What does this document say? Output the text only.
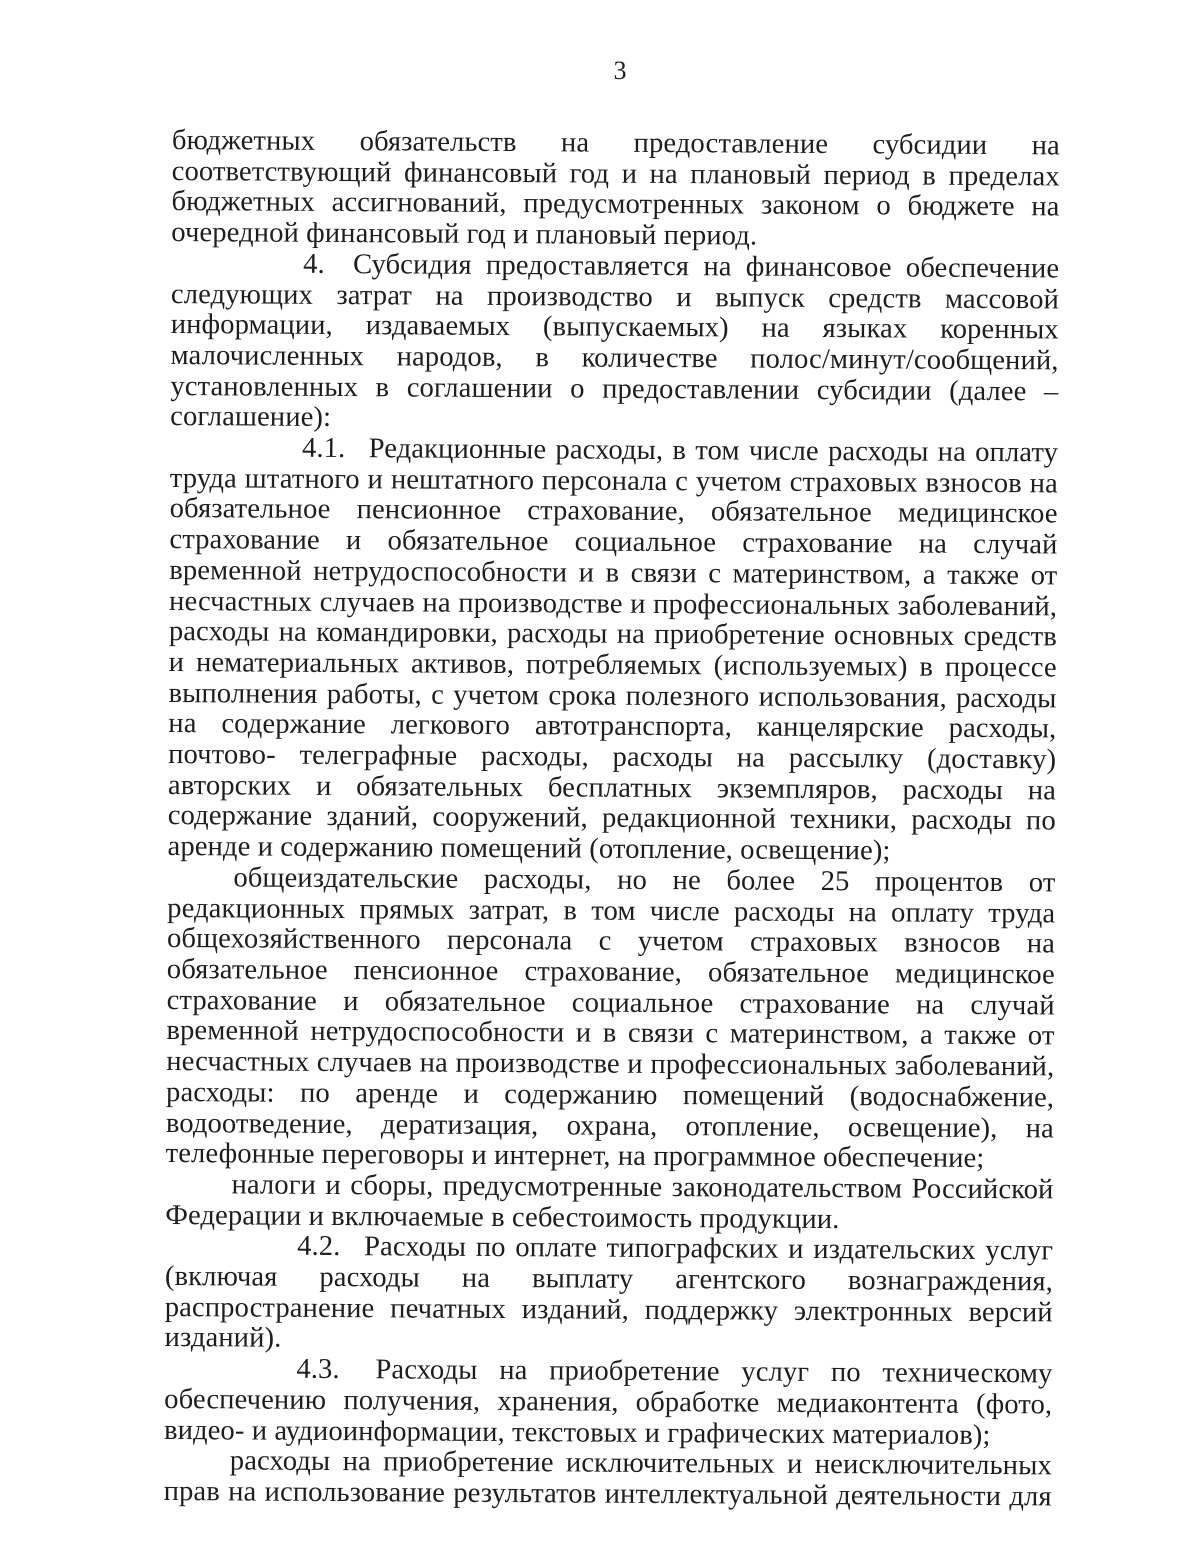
3

бюджетных обязательств на предоставление субсидии на соответствующий финансовый год и на плановый период в пределах бюджетных ассигнований, предусмотренных законом о бюджете на очередной финансовый год и плановый период.

4. Субсидия предоставляется на финансовое обеспечение следующих затрат на производство и выпуск средств массовой информации, издаваемых (выпускаемых) на языках коренных малочисленных народов, в количестве полос/минут/сообщений, установленных в соглашении о предоставлении субсидии (далее – соглашение):

4.1. Редакционные расходы, в том числе расходы на оплату труда штатного и нештатного персонала с учетом страховых взносов на обязательное пенсионное страхование, обязательное медицинское страхование и обязательное социальное страхование на случай временной нетрудоспособности и в связи с материнством, а также от несчастных случаев на производстве и профессиональных заболеваний, расходы на командировки, расходы на приобретение основных средств и нематериальных активов, потребляемых (используемых) в процессе выполнения работы, с учетом срока полезного использования, расходы на содержание легкового автотранспорта, канцелярские расходы, почтово- телеграфные расходы, расходы на рассылку (доставку) авторских и обязательных бесплатных экземпляров, расходы на содержание зданий, сооружений, редакционной техники, расходы по аренде и содержанию помещений (отопление, освещение);

общеиздательские расходы, но не более 25 процентов от редакционных прямых затрат, в том числе расходы на оплату труда общехозяйственного персонала с учетом страховых взносов на обязательное пенсионное страхование, обязательное медицинское страхование и обязательное социальное страхование на случай временной нетрудоспособности и в связи с материнством, а также от несчастных случаев на производстве и профессиональных заболеваний, расходы: по аренде и содержанию помещений (водоснабжение, водоотведение, дератизация, охрана, отопление, освещение), на телефонные переговоры и интернет, на программное обеспечение;

налоги и сборы, предусмотренные законодательством Российской Федерации и включаемые в себестоимость продукции.

4.2. Расходы по оплате типографских и издательских услуг (включая расходы на выплату агентского вознаграждения, распространение печатных изданий, поддержку электронных версий изданий).

4.3. Расходы на приобретение услуг по техническому обеспечению получения, хранения, обработке медиаконтента (фото, видео- и аудиоинформации, текстовых и графических материалов);

расходы на приобретение исключительных и неисключительных прав на использование результатов интеллектуальной деятельности для
